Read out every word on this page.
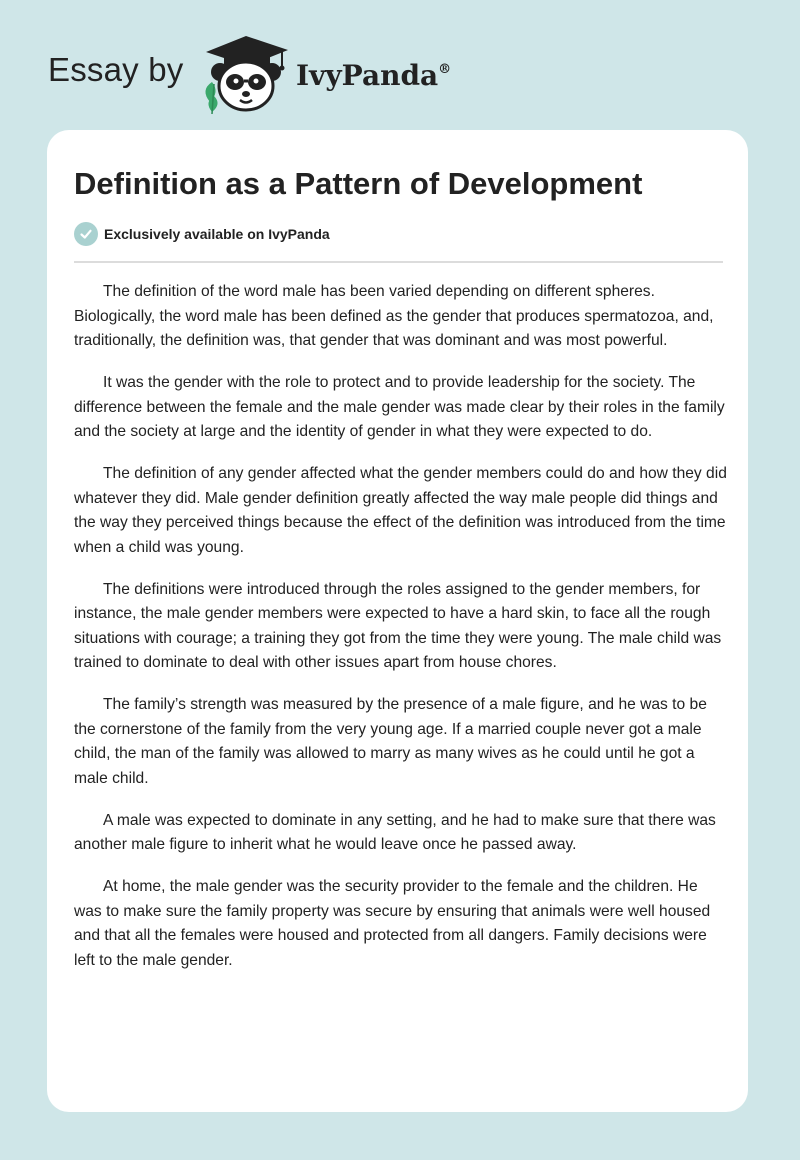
Essay by	IvyPanda®
Definition as a Pattern of Development
Exclusively available on IvyPanda

The definition of the word male has been varied depending on different spheres. Biologically, the word male has been defined as the gender that produces spermatozoa, and, traditionally, the definition was, that gender that was dominant and was most powerful.

It was the gender with the role to protect and to provide leadership for the society. The difference between the female and the male gender was made clear by their roles in the family and the society at large and the identity of gender in what they were expected to do.

The definition of any gender affected what the gender members could do and how they did whatever they did. Male gender definition greatly affected the way male people did things and the way they perceived things because the effect of the definition was introduced from the time when a child was young.

The definitions were introduced through the roles assigned to the gender members, for instance, the male gender members were expected to have a hard skin, to face all the rough situations with courage; a training they got from the time they were young. The male child was trained to dominate to deal with other issues apart from house chores.

The family’s strength was measured by the presence of a male figure, and he was to be the cornerstone of the family from the very young age. If a married couple never got a male child, the man of the family was allowed to marry as many wives as he could until he got a male child.

A male was expected to dominate in any setting, and he had to make sure that there was another male figure to inherit what he would leave once he passed away.

At home, the male gender was the security provider to the female and the children. He was to make sure the family property was secure by ensuring that animals were well housed and that all the females were housed and protected from all dangers. Family decisions were left to the male gender.
